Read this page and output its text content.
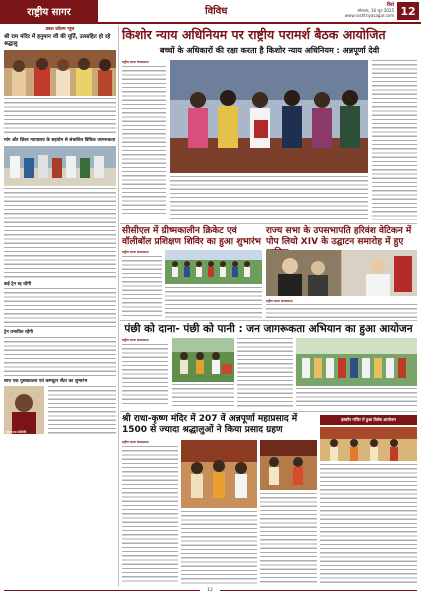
राष्ट्रीय सागर	विविध
रीवां
सोमवार, 16 जून 2025
www.rashtriyasagar.com 12
डबल कॉलम न्यूज
श्री राम मंदिर में हनुमान जी की मूर्ति, उत्साहित हो रहे श्रद्धालु
मांग और ज़िला न्यायालय के सहयोग से संचालित विधिक जागरूकता
कई ट्रेन रद्द रहेंगी
ट्रेन प्रभावित रहेंगी
साथ एक पुस्तकालय एवं कम्प्यूटर सेंटर का शुभारंभ
सागर नगर प्रतिनिधि
किशोर न्याय अधिनियम पर राष्ट्रीय परामर्श बैठक आयोजित
बच्चों के अधिकारों की रक्षा करता है किशोर न्याय अधिनियम : अन्नपूर्णा देवी
राष्ट्रीय सागर संवाददाता
सीसीएल में ग्रीष्मकालीन क्रिकेट एवं वॉलीबॉल प्रशिक्षण शिविर का हुआ शुभारंभ
राष्ट्रीय सागर संवाददाता
राज्य सभा के उपसभापति हरिवंश वेटिकन में पोप लियो XIV के उद्घाटन समारोह में हुए
राष्ट्रीय सागर संवाददाता
पंछी को दाना- पंछी को पानी : जन जागरूकता अभियान का हुआ आयोजन
राष्ट्रीय सागर संवाददाता
श्री राधा-कृष्ण मंदिर में 207 वें अन्नपूर्णा महाप्रसाद में 1500 से ज्यादा श्रद्धालुओं ने किया प्रसाद ग्रहण
इस्कॉन मन्दिर में हुआ विशेष आयोजन
राष्ट्रीय सागर संवाददाता
12
